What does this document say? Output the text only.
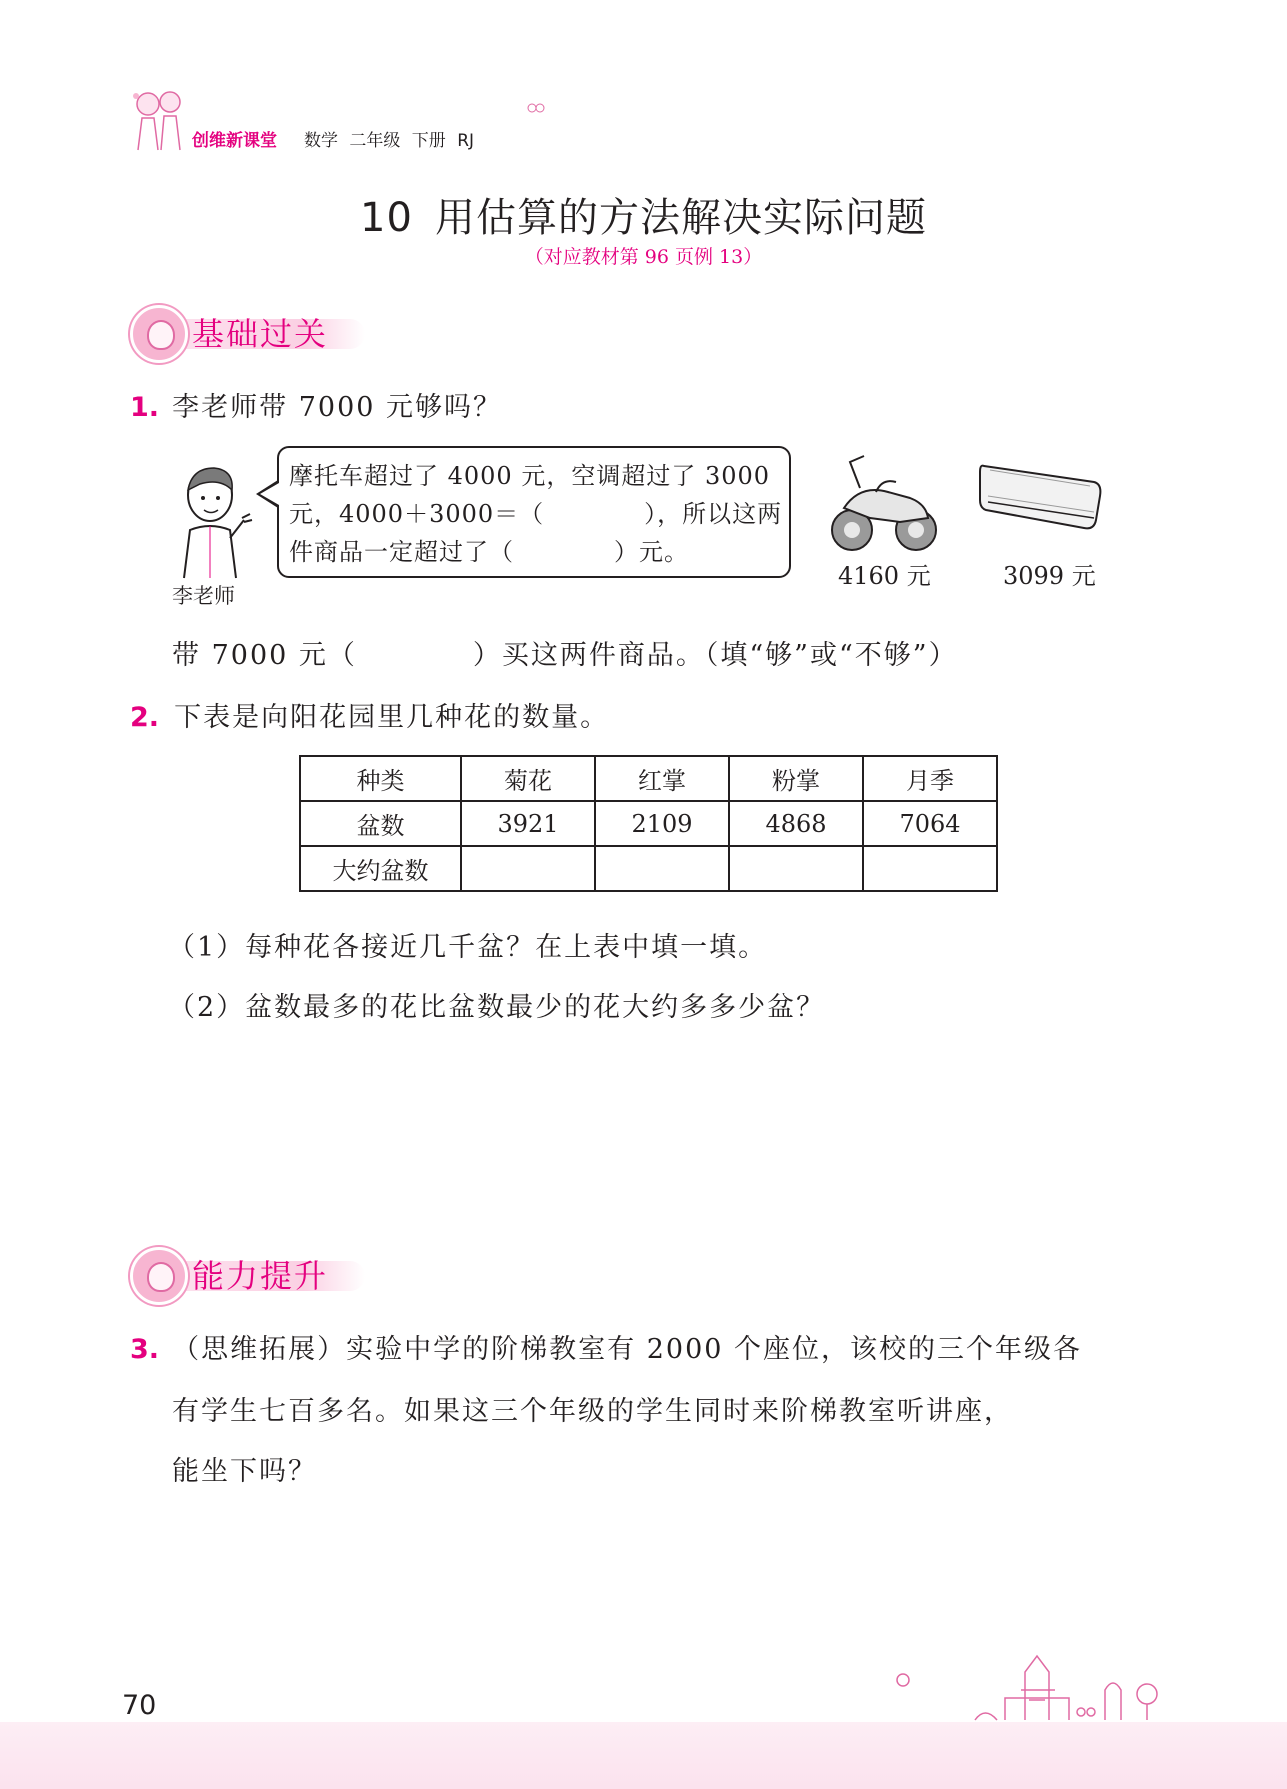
创维新课堂 数学 二年级 下册 RJ
10 用估算的方法解决实际问题
（对应教材第 96 页例 13）
基础过关
1. 李老师带 7000 元够吗？
李老师
摩托车超过了 4000 元，空调超过了 3000
元，4000＋3000＝（　　　　），所以这两
件商品一定超过了（　　　　）元。
4160 元	3099 元
带 7000 元（　　　　）买这两件商品。（填“够”或“不够”）
2. 下表是向阳花园里几种花的数量。
种类	菊花	红掌	粉掌	月季
盆数	3921	2109	4868	7064
大约盆数				
（1）每种花各接近几千盆？在上表中填一填。
（2）盆数最多的花比盆数最少的花大约多多少盆？
能力提升
3. （思维拓展）实验中学的阶梯教室有 2000 个座位，该校的三个年级各
有学生七百多名。如果这三个年级的学生同时来阶梯教室听讲座，
能坐下吗？
70
